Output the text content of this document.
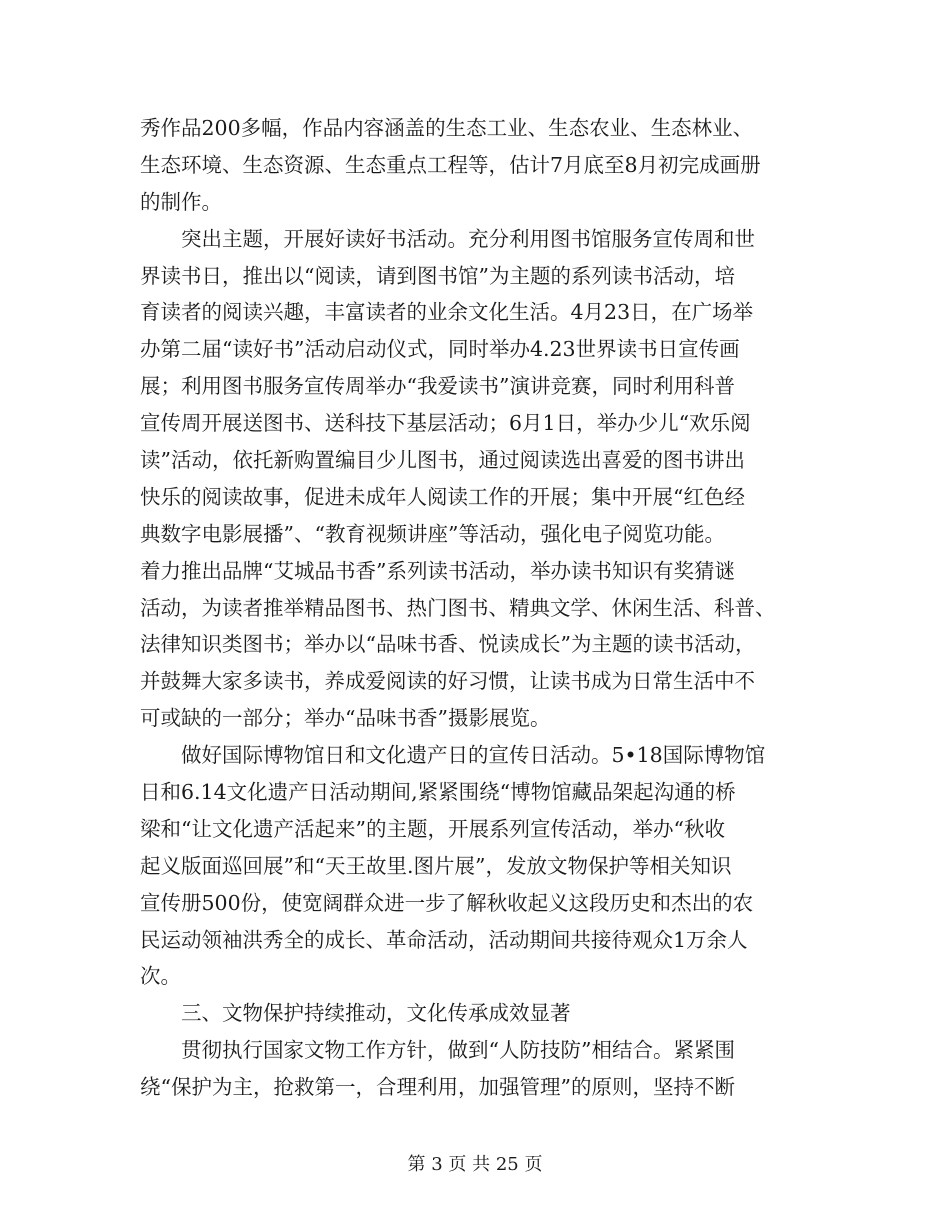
秀作品200多幅，作品内容涵盖的生态工业、生态农业、生态林业、
生态环境、生态资源、生态重点工程等，估计7月底至8月初完成画册
的制作。
突出主题，开展好读好书活动。充分利用图书馆服务宣传周和世
界读书日，推出以“阅读，请到图书馆”为主题的系列读书活动，培
育读者的阅读兴趣，丰富读者的业余文化生活。4月23日，在广场举
办第二届“读好书”活动启动仪式，同时举办4.23世界读书日宣传画
展；利用图书服务宣传周举办“我爱读书”演讲竞赛，同时利用科普
宣传周开展送图书、送科技下基层活动；6月1日，举办少儿“欢乐阅
读”活动，依托新购置编目少儿图书，通过阅读选出喜爱的图书讲出
快乐的阅读故事，促进未成年人阅读工作的开展；集中开展“红色经
典数字电影展播”、“教育视频讲座”等活动，强化电子阅览功能。
着力推出品牌“艾城品书香”系列读书活动，举办读书知识有奖猜谜
活动，为读者推举精品图书、热门图书、精典文学、休闲生活、科普、
法律知识类图书；举办以“品味书香、悦读成长”为主题的读书活动，
并鼓舞大家多读书，养成爱阅读的好习惯，让读书成为日常生活中不
可或缺的一部分；举办“品味书香”摄影展览。
做好国际博物馆日和文化遗产日的宣传日活动。5•18国际博物馆
日和6.14文化遗产日活动期间,紧紧围绕“博物馆藏品架起沟通的桥
梁和“让文化遗产活起来”的主题，开展系列宣传活动，举办“秋收
起义版面巡回展”和“天王故里.图片展”，发放文物保护等相关知识
宣传册500份，使宽阔群众进一步了解秋收起义这段历史和杰出的农
民运动领袖洪秀全的成长、革命活动，活动期间共接待观众1万余人
次。
三、文物保护持续推动，文化传承成效显著
贯彻执行国家文物工作方针，做到“人防技防”相结合。紧紧围
绕“保护为主，抢救第一，合理利用，加强管理”的原则，坚持不断
第 3 页 共 25 页
